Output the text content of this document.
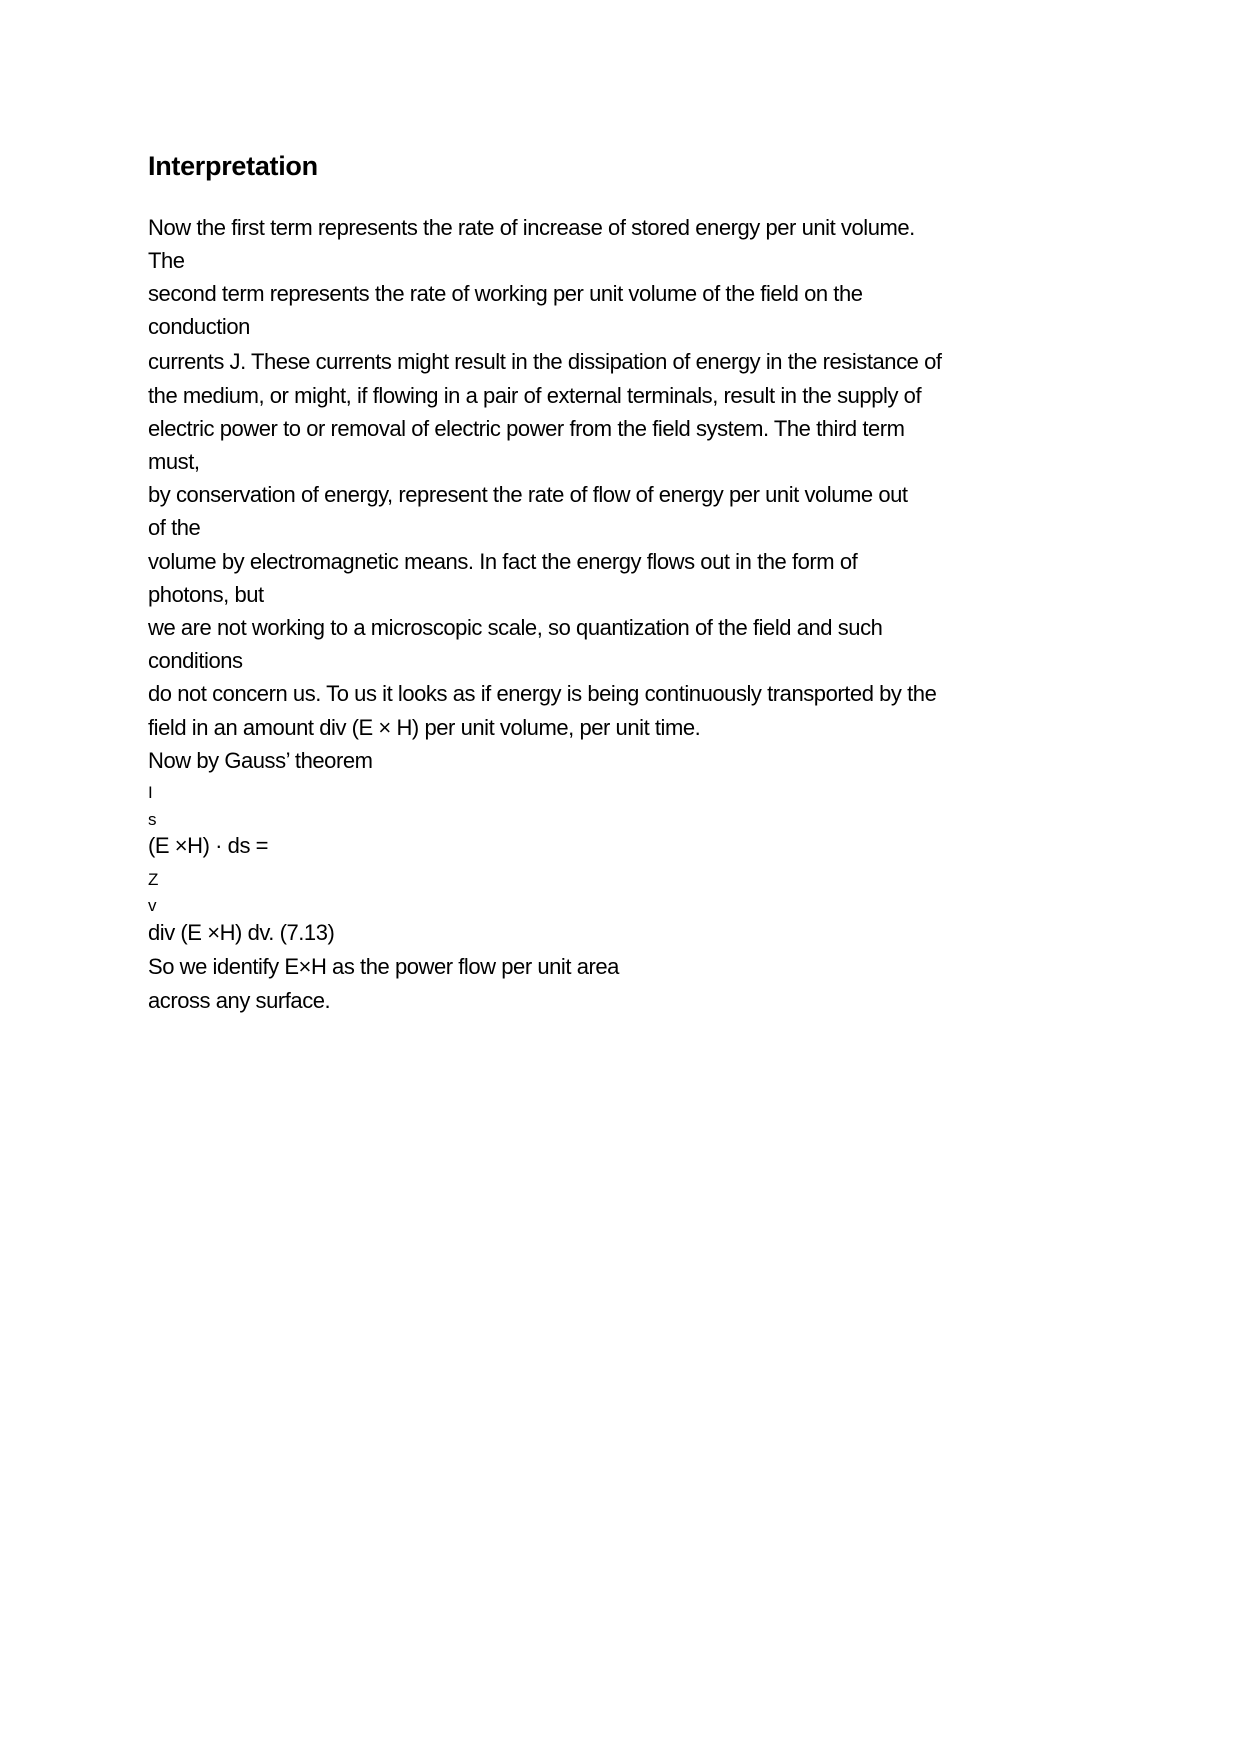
Interpretation

Now the first term represents the rate of increase of stored energy per unit volume.

The

second term represents the rate of working per unit volume of the field on the

conduction

currents J. These currents might result in the dissipation of energy in the resistance of

the medium, or might, if flowing in a pair of external terminals, result in the supply of

electric power to or removal of electric power from the field system. The third term

must,

by conservation of energy, represent the rate of flow of energy per unit volume out

of the

volume by electromagnetic means. In fact the energy flows out in the form of

photons, but

we are not working to a microscopic scale, so quantization of the field and such

conditions

do not concern us. To us it looks as if energy is being continuously transported by the

field in an amount div (E × H) per unit volume, per unit time.

Now by Gauss’ theorem

I

s

(E ×H) · ds =

Z

v

div (E ×H) dv. (7.13)

So we identify E×H as the power flow per unit area

across any surface.
